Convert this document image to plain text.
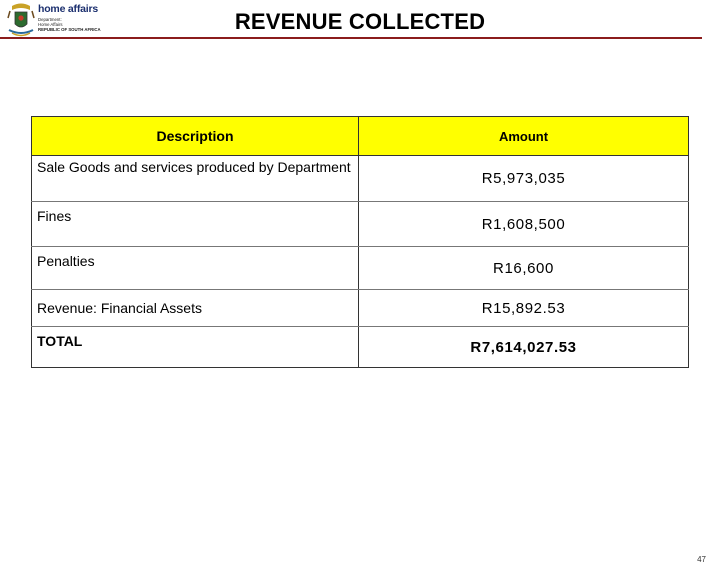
home affairs
Department:
Home Affairs
REPUBLIC OF SOUTH AFRICA	REVENUE COLLECTED
Description	Amount
Sale Goods and services produced by Department	R5,973,035
Fines	R1,608,500
Penalties	R16,600
Revenue: Financial Assets	R15,892.53
TOTAL	R7,614,027.53
47
